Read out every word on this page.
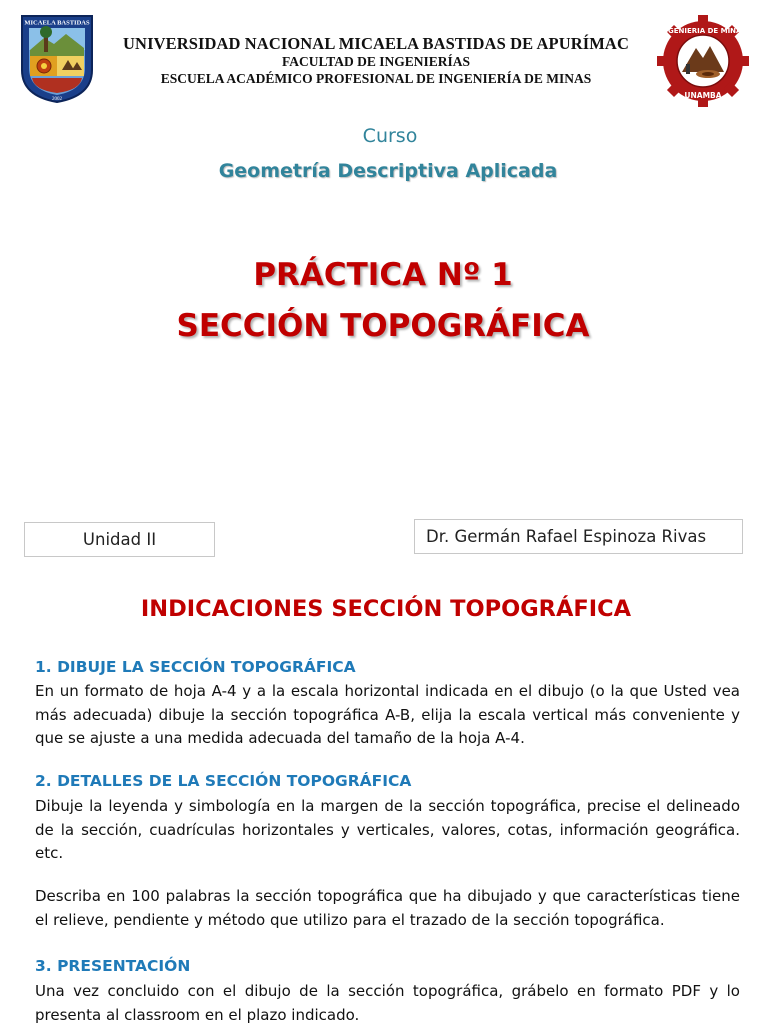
MICAELA BASTIDAS
2002
UNIVERSIDAD NACIONAL MICAELA BASTIDAS DE APURÍMAC
FACULTAD DE INGENIERÍAS
ESCUELA ACADÉMICO PROFESIONAL DE INGENIERÍA DE MINAS
INGENIERIA DE MINAS
UNAMBA
Curso
Geometría Descriptiva Aplicada
PRÁCTICA Nº 1
SECCIÓN TOPOGRÁFICA
Unidad II	Dr. Germán Rafael Espinoza Rivas
INDICACIONES SECCIÓN TOPOGRÁFICA
1. DIBUJE LA SECCIÓN TOPOGRÁFICA
En un formato de hoja A-4 y a la escala horizontal indicada en el dibujo (o la que Usted vea más adecuada) dibuje la sección topográfica A-B, elija la escala vertical más conveniente y que se ajuste a una medida adecuada del tamaño de la hoja A-4.
2. DETALLES DE LA SECCIÓN TOPOGRÁFICA
Dibuje la leyenda y simbología en la margen de la sección topográfica, precise el delineado de la sección, cuadrículas horizontales y verticales, valores, cotas, información geográfica. etc.
Describa en 100 palabras la sección topográfica que ha dibujado y que características tiene el relieve, pendiente y método que utilizo para el trazado de la sección topográfica.
3. PRESENTACIÓN
Una vez concluido con el dibujo de la sección topográfica, grábelo en formato PDF y lo presenta al classroom en el plazo indicado.
